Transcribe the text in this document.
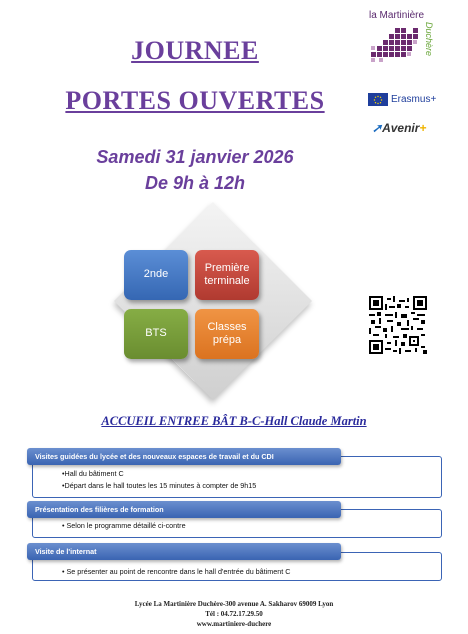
JOURNEE
PORTES OUVERTES
Samedi 31 janvier 2026
De 9h à 12h
la Martinière
Duchère
Erasmus+
➚Avenir+
2nde
Première terminale
BTS
Classes prépa
ACCUEIL ENTREE BÂT B-C-Hall Claude Martin
Visites guidées du lycée et des nouveaux espaces de travail et du CDI
•Hall du bâtiment C
•Départ dans le hall toutes les 15 minutes à compter de 9h15
Présentation des filières de formation
• Selon le programme détaillé ci-contre
Visite de l'internat
• Se présenter au point de rencontre dans le hall d'entrée du bâtiment C
Lycée La Martinière Duchère-300 avenue A. Sakharov 69009 Lyon
Tél : 04.72.17.29.50
www.martiniere-duchere
